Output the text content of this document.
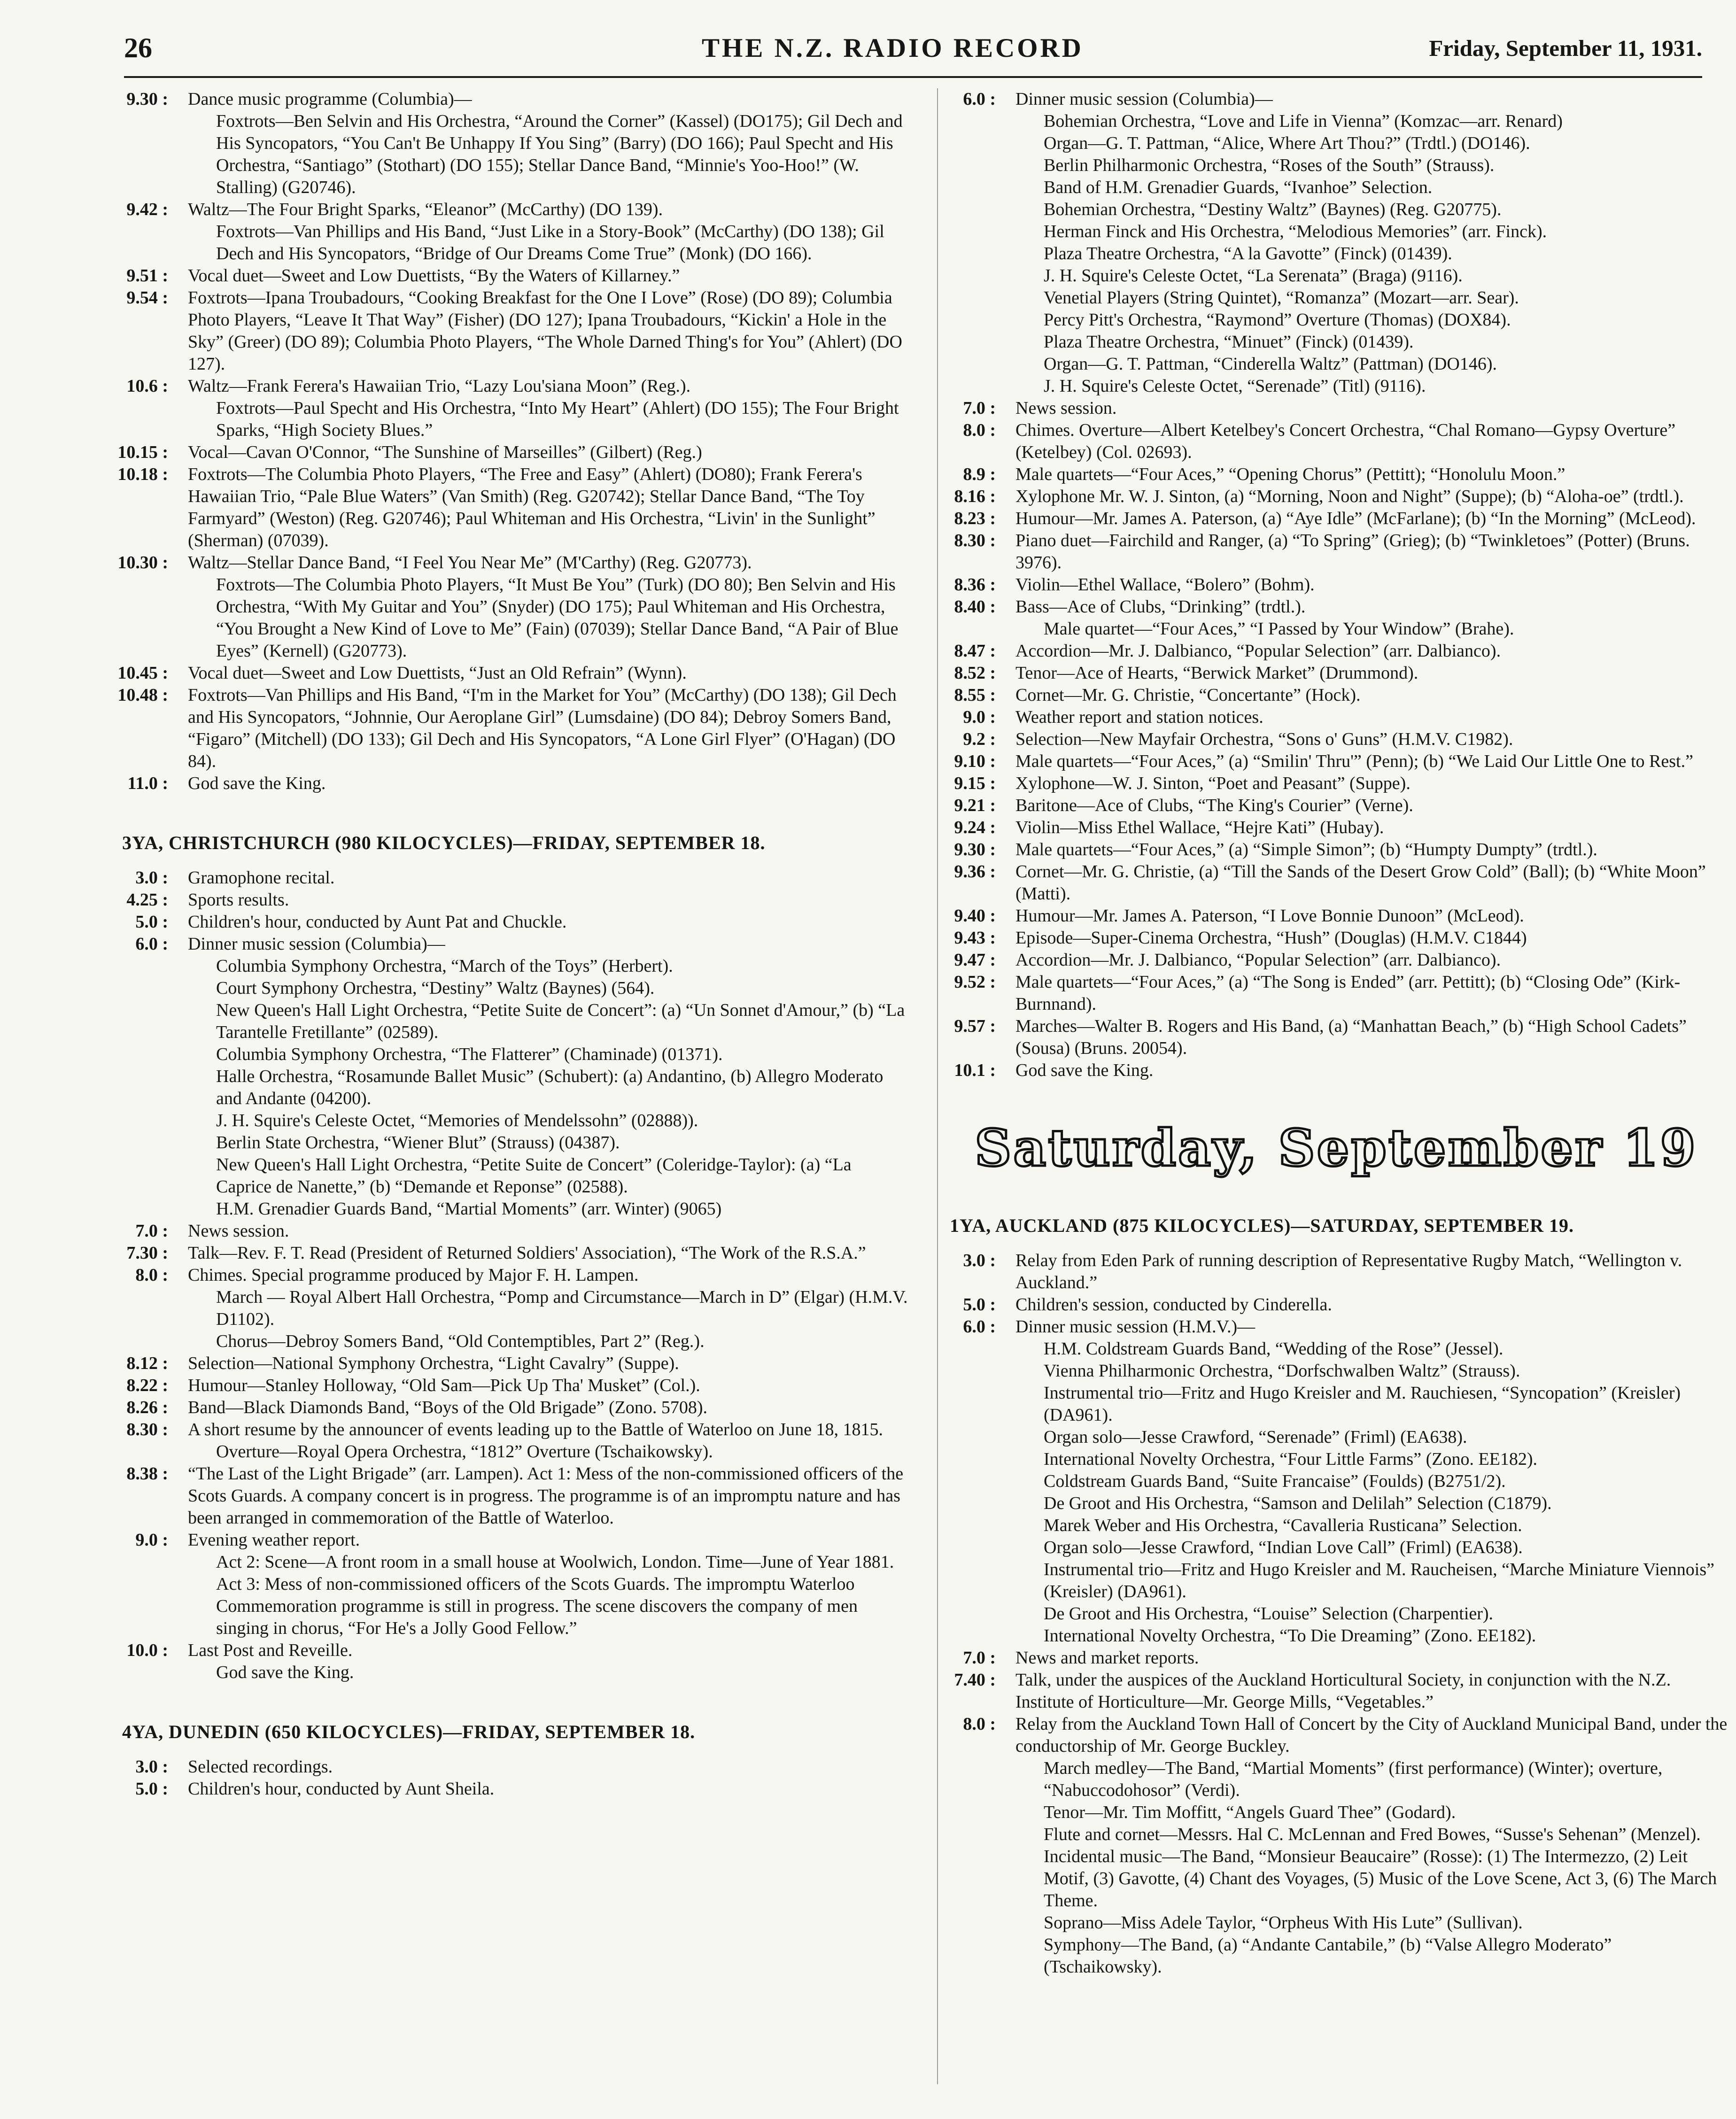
26	THE N.Z. RADIO RECORD	Friday, September 11, 1931.
9.30 :	Dance music programme (Columbia)—
Foxtrots—Ben Selvin and His Orchestra, “Around the Corner” (Kassel) (DO175); Gil Dech and His Syncopators, “You Can't Be Unhappy If You Sing” (Barry) (DO 166); Paul Specht and His Orchestra, “Santiago” (Stothart) (DO 155); Stellar Dance Band, “Minnie's Yoo-Hoo!” (W. Stalling) (G20746).
9.42 :	Waltz—The Four Bright Sparks, “Eleanor” (McCarthy) (DO 139).
Foxtrots—Van Phillips and His Band, “Just Like in a Story-Book” (McCarthy) (DO 138); Gil Dech and His Syncopators, “Bridge of Our Dreams Come True” (Monk) (DO 166).
9.51 :	Vocal duet—Sweet and Low Duettists, “By the Waters of Killarney.”
9.54 :	Foxtrots—Ipana Troubadours, “Cooking Breakfast for the One I Love” (Rose) (DO 89); Columbia Photo Players, “Leave It That Way” (Fisher) (DO 127); Ipana Troubadours, “Kickin' a Hole in the Sky” (Greer) (DO 89); Columbia Photo Players, “The Whole Darned Thing's for You” (Ahlert) (DO 127).
10.6 :	Waltz—Frank Ferera's Hawaiian Trio, “Lazy Lou'siana Moon” (Reg.).
Foxtrots—Paul Specht and His Orchestra, “Into My Heart” (Ahlert) (DO 155); The Four Bright Sparks, “High Society Blues.”
10.15 :	Vocal—Cavan O'Connor, “The Sunshine of Marseilles” (Gilbert) (Reg.)
10.18 :	Foxtrots—The Columbia Photo Players, “The Free and Easy” (Ahlert) (DO80); Frank Ferera's Hawaiian Trio, “Pale Blue Waters” (Van Smith) (Reg. G20742); Stellar Dance Band, “The Toy Farmyard” (Weston) (Reg. G20746); Paul Whiteman and His Orchestra, “Livin' in the Sunlight” (Sherman) (07039).
10.30 :	Waltz—Stellar Dance Band, “I Feel You Near Me” (M'Carthy) (Reg. G20773).
Foxtrots—The Columbia Photo Players, “It Must Be You” (Turk) (DO 80); Ben Selvin and His Orchestra, “With My Guitar and You” (Snyder) (DO 175); Paul Whiteman and His Orchestra, “You Brought a New Kind of Love to Me” (Fain) (07039); Stellar Dance Band, “A Pair of Blue Eyes” (Kernell) (G20773).
10.45 :	Vocal duet—Sweet and Low Duettists, “Just an Old Refrain” (Wynn).
10.48 :	Foxtrots—Van Phillips and His Band, “I'm in the Market for You” (McCarthy) (DO 138); Gil Dech and His Syncopators, “Johnnie, Our Aeroplane Girl” (Lumsdaine) (DO 84); Debroy Somers Band, “Figaro” (Mitchell) (DO 133); Gil Dech and His Syncopators, “A Lone Girl Flyer” (O'Hagan) (DO 84).
11.0 :	God save the King.
3YA, CHRISTCHURCH (980 KILOCYCLES)—FRIDAY, SEPTEMBER 18.
3.0 :	Gramophone recital.
4.25 :	Sports results.
5.0 :	Children's hour, conducted by Aunt Pat and Chuckle.
6.0 :	Dinner music session (Columbia)—
Columbia Symphony Orchestra, “March of the Toys” (Herbert).
Court Symphony Orchestra, “Destiny” Waltz (Baynes) (564).
New Queen's Hall Light Orchestra, “Petite Suite de Concert”: (a) “Un Sonnet d'Amour,” (b) “La Tarantelle Fretillante” (02589).
Columbia Symphony Orchestra, “The Flatterer” (Chaminade) (01371).
Halle Orchestra, “Rosamunde Ballet Music” (Schubert): (a) Andantino, (b) Allegro Moderato and Andante (04200).
J. H. Squire's Celeste Octet, “Memories of Mendelssohn” (02888)).
Berlin State Orchestra, “Wiener Blut” (Strauss) (04387).
New Queen's Hall Light Orchestra, “Petite Suite de Concert” (Coleridge-Taylor): (a) “La Caprice de Nanette,” (b) “Demande et Reponse” (02588).
H.M. Grenadier Guards Band, “Martial Moments” (arr. Winter) (9065)
7.0 :	News session.
7.30 :	Talk—Rev. F. T. Read (President of Returned Soldiers' Association), “The Work of the R.S.A.”
8.0 :	Chimes. Special programme produced by Major F. H. Lampen.
March — Royal Albert Hall Orchestra, “Pomp and Circumstance—March in D” (Elgar) (H.M.V. D1102).
Chorus—Debroy Somers Band, “Old Contemptibles, Part 2” (Reg.).
8.12 :	Selection—National Symphony Orchestra, “Light Cavalry” (Suppe).
8.22 :	Humour—Stanley Holloway, “Old Sam—Pick Up Tha' Musket” (Col.).
8.26 :	Band—Black Diamonds Band, “Boys of the Old Brigade” (Zono. 5708).
8.30 :	A short resume by the announcer of events leading up to the Battle of Waterloo on June 18, 1815.
Overture—Royal Opera Orchestra, “1812” Overture (Tschaikowsky).
8.38 :	“The Last of the Light Brigade” (arr. Lampen). Act 1: Mess of the non-commissioned officers of the Scots Guards. A company concert is in progress. The programme is of an impromptu nature and has been arranged in commemoration of the Battle of Waterloo.
9.0 :	Evening weather report.
Act 2: Scene—A front room in a small house at Woolwich, London. Time—June of Year 1881.
Act 3: Mess of non-commissioned officers of the Scots Guards. The impromptu Waterloo Commemoration programme is still in progress. The scene discovers the company of men singing in chorus, “For He's a Jolly Good Fellow.”
10.0 :	Last Post and Reveille.
God save the King.
4YA, DUNEDIN (650 KILOCYCLES)—FRIDAY, SEPTEMBER 18.
3.0 :	Selected recordings.
5.0 :	Children's hour, conducted by Aunt Sheila.
6.0 :	Dinner music session (Columbia)—
Bohemian Orchestra, “Love and Life in Vienna” (Komzac—arr. Renard)
Organ—G. T. Pattman, “Alice, Where Art Thou?” (Trdtl.) (DO146).
Berlin Philharmonic Orchestra, “Roses of the South” (Strauss).
Band of H.M. Grenadier Guards, “Ivanhoe” Selection.
Bohemian Orchestra, “Destiny Waltz” (Baynes) (Reg. G20775).
Herman Finck and His Orchestra, “Melodious Memories” (arr. Finck).
Plaza Theatre Orchestra, “A la Gavotte” (Finck) (01439).
J. H. Squire's Celeste Octet, “La Serenata” (Braga) (9116).
Venetial Players (String Quintet), “Romanza” (Mozart—arr. Sear).
Percy Pitt's Orchestra, “Raymond” Overture (Thomas) (DOX84).
Plaza Theatre Orchestra, “Minuet” (Finck) (01439).
Organ—G. T. Pattman, “Cinderella Waltz” (Pattman) (DO146).
J. H. Squire's Celeste Octet, “Serenade” (Titl) (9116).
7.0 :	News session.
8.0 :	Chimes. Overture—Albert Ketelbey's Concert Orchestra, “Chal Romano—Gypsy Overture” (Ketelbey) (Col. 02693).
8.9 :	Male quartets—“Four Aces,” “Opening Chorus” (Pettitt); “Honolulu Moon.”
8.16 :	Xylophone Mr. W. J. Sinton, (a) “Morning, Noon and Night” (Suppe); (b) “Aloha-oe” (trdtl.).
8.23 :	Humour—Mr. James A. Paterson, (a) “Aye Idle” (McFarlane); (b) “In the Morning” (McLeod).
8.30 :	Piano duet—Fairchild and Ranger, (a) “To Spring” (Grieg); (b) “Twinkletoes” (Potter) (Bruns. 3976).
8.36 :	Violin—Ethel Wallace, “Bolero” (Bohm).
8.40 :	Bass—Ace of Clubs, “Drinking” (trdtl.).
Male quartet—“Four Aces,” “I Passed by Your Window” (Brahe).
8.47 :	Accordion—Mr. J. Dalbianco, “Popular Selection” (arr. Dalbianco).
8.52 :	Tenor—Ace of Hearts, “Berwick Market” (Drummond).
8.55 :	Cornet—Mr. G. Christie, “Concertante” (Hock).
9.0 :	Weather report and station notices.
9.2 :	Selection—New Mayfair Orchestra, “Sons o' Guns” (H.M.V. C1982).
9.10 :	Male quartets—“Four Aces,” (a) “Smilin' Thru'” (Penn); (b) “We Laid Our Little One to Rest.”
9.15 :	Xylophone—W. J. Sinton, “Poet and Peasant” (Suppe).
9.21 :	Baritone—Ace of Clubs, “The King's Courier” (Verne).
9.24 :	Violin—Miss Ethel Wallace, “Hejre Kati” (Hubay).
9.30 :	Male quartets—“Four Aces,” (a) “Simple Simon”; (b) “Humpty Dumpty” (trdtl.).
9.36 :	Cornet—Mr. G. Christie, (a) “Till the Sands of the Desert Grow Cold” (Ball); (b) “White Moon” (Matti).
9.40 :	Humour—Mr. James A. Paterson, “I Love Bonnie Dunoon” (McLeod).
9.43 :	Episode—Super-Cinema Orchestra, “Hush” (Douglas) (H.M.V. C1844)
9.47 :	Accordion—Mr. J. Dalbianco, “Popular Selection” (arr. Dalbianco).
9.52 :	Male quartets—“Four Aces,” (a) “The Song is Ended” (arr. Pettitt); (b) “Closing Ode” (Kirk-Burnnand).
9.57 :	Marches—Walter B. Rogers and His Band, (a) “Manhattan Beach,” (b) “High School Cadets” (Sousa) (Bruns. 20054).
10.1 :	God save the King.
Saturday, September 19
1YA, AUCKLAND (875 KILOCYCLES)—SATURDAY, SEPTEMBER 19.
3.0 :	Relay from Eden Park of running description of Representative Rugby Match, “Wellington v. Auckland.”
5.0 :	Children's session, conducted by Cinderella.
6.0 :	Dinner music session (H.M.V.)—
H.M. Coldstream Guards Band, “Wedding of the Rose” (Jessel).
Vienna Philharmonic Orchestra, “Dorfschwalben Waltz” (Strauss).
Instrumental trio—Fritz and Hugo Kreisler and M. Rauchiesen, “Syncopation” (Kreisler) (DA961).
Organ solo—Jesse Crawford, “Serenade” (Friml) (EA638).
International Novelty Orchestra, “Four Little Farms” (Zono. EE182).
Coldstream Guards Band, “Suite Francaise” (Foulds) (B2751/2).
De Groot and His Orchestra, “Samson and Delilah” Selection (C1879).
Marek Weber and His Orchestra, “Cavalleria Rusticana” Selection.
Organ solo—Jesse Crawford, “Indian Love Call” (Friml) (EA638).
Instrumental trio—Fritz and Hugo Kreisler and M. Raucheisen, “Marche Miniature Viennois” (Kreisler) (DA961).
De Groot and His Orchestra, “Louise” Selection (Charpentier).
International Novelty Orchestra, “To Die Dreaming” (Zono. EE182).
7.0 :	News and market reports.
7.40 :	Talk, under the auspices of the Auckland Horticultural Society, in conjunction with the N.Z. Institute of Horticulture—Mr. George Mills, “Vegetables.”
8.0 :	Relay from the Auckland Town Hall of Concert by the City of Auckland Municipal Band, under the conductorship of Mr. George Buckley.
March medley—The Band, “Martial Moments” (first performance) (Winter); overture, “Nabuccodohosor” (Verdi).
Tenor—Mr. Tim Moffitt, “Angels Guard Thee” (Godard).
Flute and cornet—Messrs. Hal C. McLennan and Fred Bowes, “Susse's Sehenan” (Menzel).
Incidental music—The Band, “Monsieur Beaucaire” (Rosse): (1) The Intermezzo, (2) Leit Motif, (3) Gavotte, (4) Chant des Voyages, (5) Music of the Love Scene, Act 3, (6) The March Theme.
Soprano—Miss Adele Taylor, “Orpheus With His Lute” (Sullivan).
Symphony—The Band, (a) “Andante Cantabile,” (b) “Valse Allegro Moderato” (Tschaikowsky).
